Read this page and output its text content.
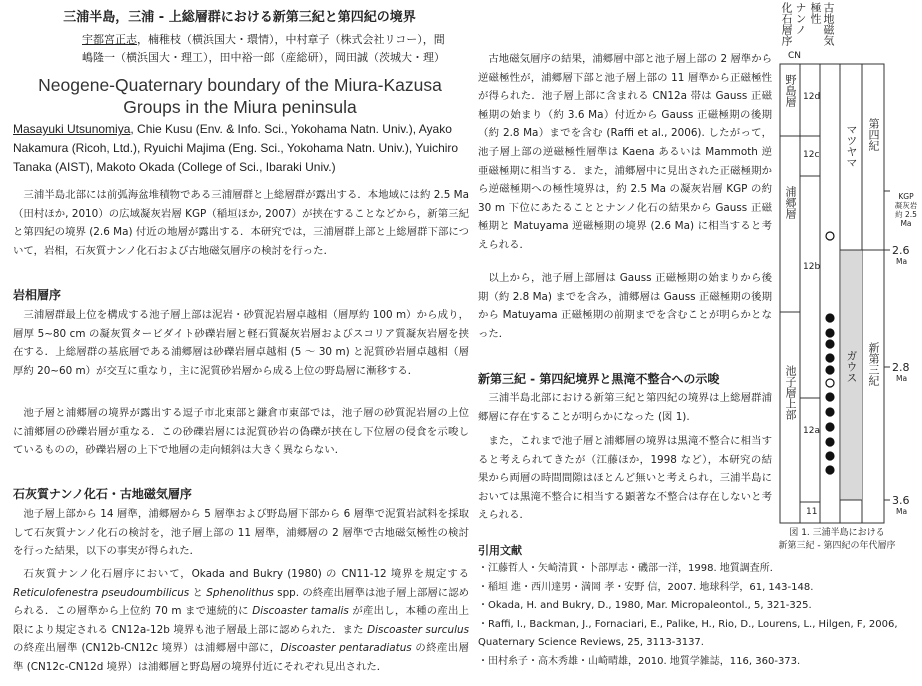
三浦半島，三浦 - 上総層群における新第三紀と第四紀の境界
宇都宮正志，楠稚枝（横浜国大・環情），中村章子（株式会社リコー），間
嶋隆一（横浜国大・理工），田中裕一郎（産総研），岡田誠（茨城大・理）
Neogene-Quaternary boundary of the Miura-Kazusa Groups in the Miura peninsula
Masayuki Utsunomiya, Chie Kusu (Env. & Info. Sci., Yokohama Natn. Univ.), Ayako Nakamura (Ricoh, Ltd.), Ryuichi Majima (Eng. Sci., Yokohama Natn. Univ.), Yuichiro Tanaka (AIST), Makoto Okada (College of Sci., Ibaraki Univ.)
三浦半島北部には前弧海盆堆積物である三浦層群と上総層群が露出する．本地域には約 2.5 Ma（田村ほか, 2010）の広域凝灰岩層 KGP（稲垣ほか, 2007）が挟在することなどから，新第三紀と第四紀の境界 (2.6 Ma) 付近の地層が露出する．本研究では，三浦層群上部と上総層群下部について，岩相，石灰質ナンノ化石および古地磁気層序の検討を行った．
岩相層序
三浦層群最上位を構成する池子層上部は泥岩・砂質泥岩層卓越相（層厚約 100 m）から成り，層厚 5~80 cm の凝灰質タービダイト砂礫岩層と軽石質凝灰岩層およびスコリア質凝灰岩層を挟在する．上総層群の基底層である浦郷層は砂礫岩層卓越相 (5 ～ 30 m) と泥質砂岩層卓越相（層厚約 20~60 m）が交互に重なり，主に泥質砂岩層から成る上位の野島層に漸移する．
池子層と浦郷層の境界が露出する逗子市北東部と鎌倉市東部では，池子層の砂質泥岩層の上位に浦郷層の砂礫岩層が重なる．この砂礫岩層には泥質砂岩の偽礫が挟在し下位層の侵食を示唆しているものの，砂礫岩層の上下で地層の走向傾斜は大きく異ならない．
石灰質ナンノ化石・古地磁気層序
池子層上部から 14 層準，浦郷層から 5 層準および野島層下部から 6 層準で泥質岩試料を採取して石灰質ナンノ化石の検討を，池子層上部の 11 層準，浦郷層の 2 層準で古地磁気極性の検討を行った結果，以下の事実が得られた．
石灰質ナンノ化石層序において，Okada and Bukry (1980) の CN11-12 境界を規定する Reticulofenestra pseudoumbilicus と Sphenolithus spp. の終産出層準は池子層上部層に認められる．この層準から上位約 70 m まで連続的に Discoaster tamalis が産出し，本種の産出上限により規定される CN12a-12b 境界も池子層最上部に認められた．また Discoaster surculus の終産出層準 (CN12b-CN12c 境界）は浦郷層中部に，Discoaster pentaradiatus の終産出層準 (CN12c-CN12d 境界）は浦郷層と野島層の境界付近にそれぞれ見出された．
古地磁気層序の結果，浦郷層中部と池子層上部の 2 層準から逆磁極性が，浦郷層下部と池子層上部の 11 層準から正磁極性が得られた．池子層上部に含まれる CN12a 帯は Gauss 正磁極期の始まり（約 3.6 Ma）付近から Gauss 正磁極期の後期（約 2.8 Ma）までを含む (Raffi et al., 2006). したがって，池子層上部の逆磁極性層準は Kaena あるいは Mammoth 逆亜磁極期に相当する．また，浦郷層中に見出された正磁極期から逆磁極期への極性境界は，約 2.5 Ma の凝灰岩層 KGP の約 30 m 下位にあたることとナンノ化石の結果から Gauss 正磁極期と Matuyama 逆磁極期の境界 (2.6 Ma) に相当すると考えられる．
以上から，池子層上部層は Gauss 正磁極期の始まりから後期（約 2.8 Ma) までを含み，浦郷層は Gauss 正磁極期の後期から Matuyama 正磁極期の前期までを含むことが明らかとなった．
新第三紀 - 第四紀境界と黒滝不整合への示唆
三浦半島北部における新第三紀と第四紀の境界は上総層群浦郷層に存在することが明らかになった (図 1).
また，これまで池子層と浦郷層の境界は黒滝不整合に相当すると考えられてきたが（江藤ほか，1998 など），本研究の結果から両層の時間間隙はほとんど無いと考えられ，三浦半島においては黒滝不整合に相当する顕著な不整合は存在しないと考えられる．
引用文献
・江藤哲人・矢崎清貫・卜部厚志・磯部一洋，1998. 地質調査所．
・稲垣 進・西川達男・満岡 孝・安野 信，2007. 地球科学，61, 143-148.
・Okada, H. and Bukry, D., 1980, Mar. Micropaleontol., 5, 321-325.
・Raffi, I., Backman, J., Fornaciari, E., Palike, H., Rio, D., Lourens, L., Hilgen, F, 2006, Quaternary Science Reviews, 25, 3113-3137.
・田村糸子・高木秀雄・山崎晴雄，2010. 地質学雑誌，116, 360-373.
化石層序 ナンノ
CN
古地磁気
極性
野島層
浦郷層
池子層上部
12d
12c
12b
12a
11
マツヤマ
ガウス
第四紀
新第三紀
KGP
凝灰岩
約 2.5 Ma
2.6
Ma
2.8
Ma
3.6
Ma
図 1. 三浦半島における
新第三紀 - 第四紀の年代層序
